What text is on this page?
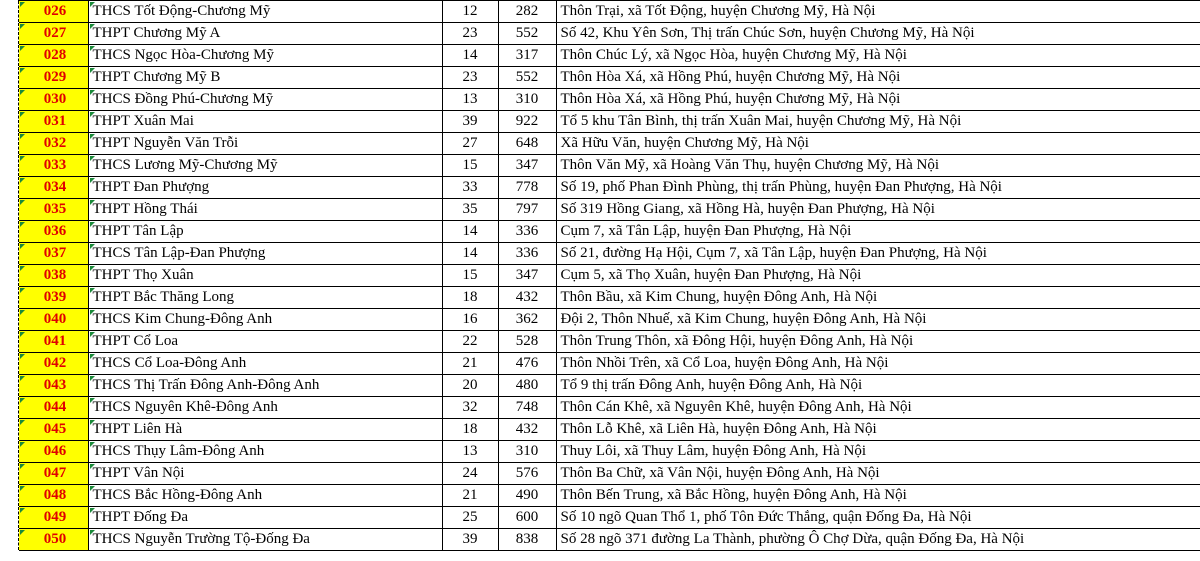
026	THCS Tốt Động-Chương Mỹ	12	282	Thôn Trại, xã Tốt Động, huyện Chương Mỹ, Hà Nội

027	THPT Chương Mỹ A	23	552	Số 42, Khu Yên Sơn, Thị trấn Chúc Sơn, huyện Chương Mỹ, Hà Nội

028	THCS Ngọc Hòa-Chương Mỹ	14	317	Thôn Chúc Lý, xã Ngọc Hòa, huyện Chương Mỹ, Hà Nội

029	THPT Chương Mỹ B	23	552	Thôn Hòa Xá, xã Hồng Phú, huyện Chương Mỹ, Hà Nội

030	THCS Đồng Phú-Chương Mỹ	13	310	Thôn Hòa Xá, xã Hồng Phú, huyện Chương Mỹ, Hà Nội

031	THPT Xuân Mai	39	922	Tổ 5 khu Tân Bình, thị trấn Xuân Mai, huyện Chương Mỹ, Hà Nội

032	THPT Nguyễn Văn Trỗi	27	648	Xã Hữu Văn, huyện Chương Mỹ, Hà Nội

033	THCS Lương Mỹ-Chương Mỹ	15	347	Thôn Văn Mỹ, xã Hoàng Văn Thụ, huyện Chương Mỹ, Hà Nội

034	THPT Đan Phượng	33	778	Số 19, phố Phan Đình Phùng, thị trấn Phùng, huyện Đan Phượng, Hà Nội

035	THPT Hồng Thái	35	797	Số 319 Hồng Giang, xã Hồng Hà, huyện Đan Phượng, Hà Nội

036	THPT Tân Lập	14	336	Cụm 7, xã Tân Lập, huyện Đan Phượng, Hà Nội

037	THCS Tân Lập-Đan Phượng	14	336	Số 21, đường Hạ Hội, Cụm 7, xã Tân Lập, huyện Đan Phượng, Hà Nội

038	THPT Thọ Xuân	15	347	Cụm 5, xã Thọ Xuân, huyện Đan Phượng, Hà Nội

039	THPT Bắc Thăng Long	18	432	Thôn Bầu, xã Kim Chung, huyện Đông Anh, Hà Nội

040	THCS Kim Chung-Đông Anh	16	362	Đội 2, Thôn Nhuế, xã Kim Chung, huyện Đông Anh, Hà Nội

041	THPT Cổ Loa	22	528	Thôn Trung Thôn, xã Đông Hội, huyện Đông Anh, Hà Nội

042	THCS Cổ Loa-Đông Anh	21	476	Thôn Nhồi Trên, xã Cổ Loa, huyện Đông Anh, Hà Nội

043	THCS Thị Trấn Đông Anh-Đông Anh	20	480	Tổ 9 thị trấn Đông Anh, huyện Đông Anh, Hà Nội

044	THCS Nguyên Khê-Đông Anh	32	748	Thôn Cán Khê, xã Nguyên Khê, huyện Đông Anh, Hà Nội

045	THPT Liên Hà	18	432	Thôn Lỗ Khê, xã Liên Hà, huyện Đông Anh, Hà Nội

046	THCS Thụy Lâm-Đông Anh	13	310	Thuy Lôi, xã Thuy Lâm, huyện Đông Anh, Hà Nội

047	THPT Vân Nội	24	576	Thôn Ba Chữ, xã Vân Nội, huyện Đông Anh, Hà Nội

048	THCS Bắc Hồng-Đông Anh	21	490	Thôn Bến Trung, xã Bắc Hồng, huyện Đông Anh, Hà Nội

049	THPT Đống Đa	25	600	Số 10 ngõ Quan Thổ 1, phố Tôn Đức Thắng, quận Đống Đa, Hà Nội

050	THCS Nguyễn Trường Tộ-Đống Đa	39	838	Số 28 ngõ 371 đường La Thành, phường Ô Chợ Dừa, quận Đống Đa, Hà Nội
